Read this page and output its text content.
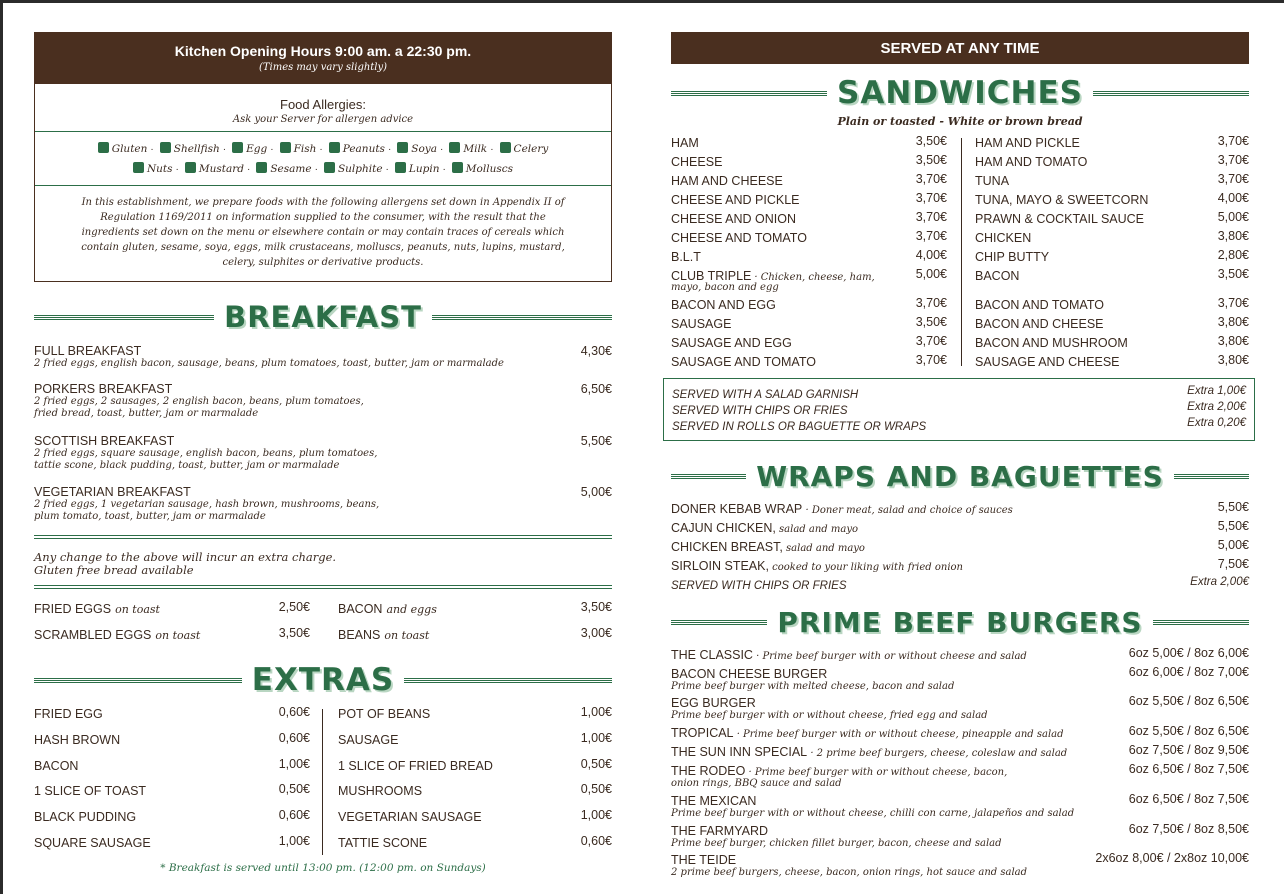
Kitchen Opening Hours 9:00 am. a 22:30 pm.
(Times may vary slightly)
Food Allergies:
Ask your Server for allergen advice
Gluten · Shellfish · Egg · Fish · Peanuts · Soya · Milk · Celery
Nuts · Mustard · Sesame · Sulphite · Lupin · Molluscs
In this establishment, we prepare foods with the following allergens set down in Appendix II of Regulation 1169/2011 on information supplied to the consumer, with the result that the ingredients set down on the menu or elsewhere contain or may contain traces of cereals which contain gluten, sesame, soya, eggs, milk crustaceans, molluscs, peanuts, nuts, lupins, mustard, celery, sulphites or derivative products.
BREAKFAST
FULL BREAKFAST
2 fried eggs, english bacon, sausage, beans, plum tomatoes, toast, butter, jam or marmalade
4,30€
PORKERS BREAKFAST
2 fried eggs, 2 sausages, 2 english bacon, beans, plum tomatoes,
fried bread, toast, butter, jam or marmalade
6,50€
SCOTTISH BREAKFAST
2 fried eggs, square sausage, english bacon, beans, plum tomatoes,
tattie scone, black pudding, toast, butter, jam or marmalade
5,50€
VEGETARIAN BREAKFAST
2 fried eggs, 1 vegetarian sausage, hash brown, mushrooms, beans,
plum tomato, toast, butter, jam or marmalade
5,00€
Any change to the above will incur an extra charge.
Gluten free bread available
FRIED EGGS on toast	2,50€ BACON and eggs	3,50€
SCRAMBLED EGGS on toast	3,50€ BEANS on toast	3,00€
EXTRAS
FRIED EGG	0,60€
HASH BROWN	0,60€
BACON	1,00€
1 SLICE OF TOAST	0,50€
BLACK PUDDING	0,60€
SQUARE SAUSAGE	1,00€
POT OF BEANS	1,00€
SAUSAGE	1,00€
1 SLICE OF FRIED BREAD	0,50€
MUSHROOMS	0,50€
VEGETARIAN SAUSAGE	1,00€
TATTIE SCONE	0,60€
* Breakfast is served until 13:00 pm. (12:00 pm. on Sundays)
SERVED AT ANY TIME
SANDWICHES
Plain or toasted - White or brown bread
HAM	3,50€
CHEESE	3,50€
HAM AND CHEESE	3,70€
CHEESE AND PICKLE	3,70€
CHEESE AND ONION	3,70€
CHEESE AND TOMATO	3,70€
B.L.T	4,00€
CLUB TRIPLE · Chicken, cheese, ham,
mayo, bacon and egg
5,00€
BACON AND EGG	3,70€
SAUSAGE	3,50€
SAUSAGE AND EGG	3,70€
SAUSAGE AND TOMATO	3,70€
HAM AND PICKLE	3,70€
HAM AND TOMATO	3,70€
TUNA	3,70€
TUNA, MAYO & SWEETCORN	4,00€
PRAWN & COCKTAIL SAUCE	5,00€
CHICKEN	3,80€
CHIP BUTTY	2,80€
BACON	3,50€
BACON AND TOMATO	3,70€
BACON AND CHEESE	3,80€
BACON AND MUSHROOM	3,80€
SAUSAGE AND CHEESE	3,80€
SERVED WITH A SALAD GARNISH	Extra 1,00€
SERVED WITH CHIPS OR FRIES	Extra 2,00€
SERVED IN ROLLS OR BAGUETTE OR WRAPS	Extra 0,20€
WRAPS AND BAGUETTES
DONER KEBAB WRAP · Doner meat, salad and choice of sauces	5,50€
CAJUN CHICKEN, salad and mayo	5,50€
CHICKEN BREAST, salad and mayo	5,00€
SIRLOIN STEAK, cooked to your liking with fried onion	7,50€
SERVED WITH CHIPS OR FRIES	Extra 2,00€
PRIME BEEF BURGERS
THE CLASSIC · Prime beef burger with or without cheese and salad	6oz 5,00€ / 8oz 6,00€
BACON CHEESE BURGER
Prime beef burger with melted cheese, bacon and salad
6oz 6,00€ / 8oz 7,00€
EGG BURGER
Prime beef burger with or without cheese, fried egg and salad
6oz 5,50€ / 8oz 6,50€
TROPICAL · Prime beef burger with or without cheese, pineapple and salad	6oz 5,50€ / 8oz 6,50€
THE SUN INN SPECIAL · 2 prime beef burgers, cheese, coleslaw and salad	6oz 7,50€ / 8oz 9,50€
THE RODEO · Prime beef burger with or without cheese, bacon,
onion rings, BBQ sauce and salad
6oz 6,50€ / 8oz 7,50€
THE MEXICAN
Prime beef burger with or without cheese, chilli con carne, jalapeños and salad
6oz 6,50€ / 8oz 7,50€
THE FARMYARD
Prime beef burger, chicken fillet burger, bacon, cheese and salad
6oz 7,50€ / 8oz 8,50€
THE TEIDE
2 prime beef burgers, cheese, bacon, onion rings, hot sauce and salad
2x6oz 8,00€ / 2x8oz 10,00€
